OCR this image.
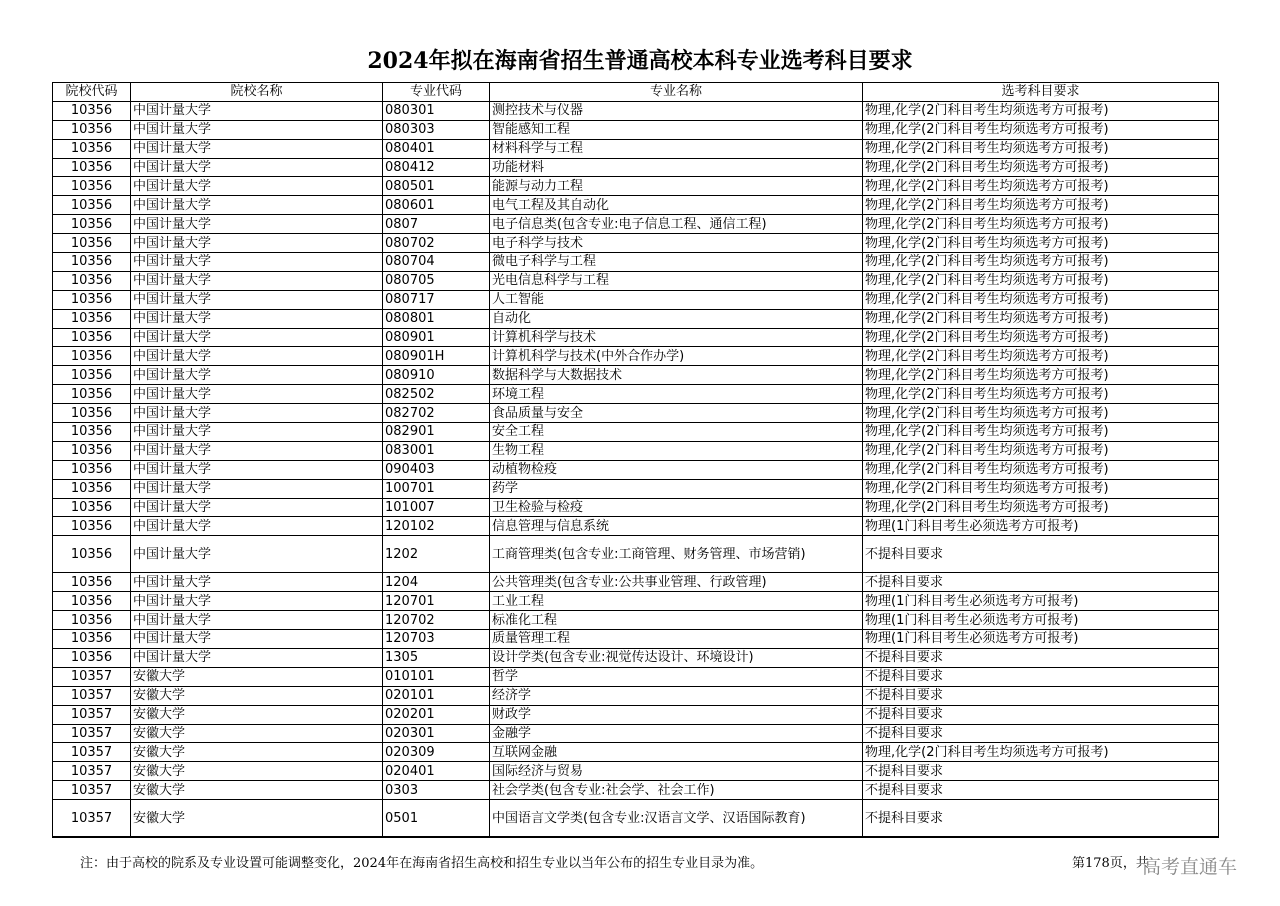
2024年拟在海南省招生普通高校本科专业选考科目要求
院校代码	院校名称	专业代码	专业名称	选考科目要求
10356	中国计量大学	080301	测控技术与仪器	物理,化学(2门科目考生均须选考方可报考)
10356	中国计量大学	080303	智能感知工程	物理,化学(2门科目考生均须选考方可报考)
10356	中国计量大学	080401	材料科学与工程	物理,化学(2门科目考生均须选考方可报考)
10356	中国计量大学	080412	功能材料	物理,化学(2门科目考生均须选考方可报考)
10356	中国计量大学	080501	能源与动力工程	物理,化学(2门科目考生均须选考方可报考)
10356	中国计量大学	080601	电气工程及其自动化	物理,化学(2门科目考生均须选考方可报考)
10356	中国计量大学	0807	电子信息类(包含专业:电子信息工程、通信工程)	物理,化学(2门科目考生均须选考方可报考)
10356	中国计量大学	080702	电子科学与技术	物理,化学(2门科目考生均须选考方可报考)
10356	中国计量大学	080704	微电子科学与工程	物理,化学(2门科目考生均须选考方可报考)
10356	中国计量大学	080705	光电信息科学与工程	物理,化学(2门科目考生均须选考方可报考)
10356	中国计量大学	080717	人工智能	物理,化学(2门科目考生均须选考方可报考)
10356	中国计量大学	080801	自动化	物理,化学(2门科目考生均须选考方可报考)
10356	中国计量大学	080901	计算机科学与技术	物理,化学(2门科目考生均须选考方可报考)
10356	中国计量大学	080901H	计算机科学与技术(中外合作办学)	物理,化学(2门科目考生均须选考方可报考)
10356	中国计量大学	080910	数据科学与大数据技术	物理,化学(2门科目考生均须选考方可报考)
10356	中国计量大学	082502	环境工程	物理,化学(2门科目考生均须选考方可报考)
10356	中国计量大学	082702	食品质量与安全	物理,化学(2门科目考生均须选考方可报考)
10356	中国计量大学	082901	安全工程	物理,化学(2门科目考生均须选考方可报考)
10356	中国计量大学	083001	生物工程	物理,化学(2门科目考生均须选考方可报考)
10356	中国计量大学	090403	动植物检疫	物理,化学(2门科目考生均须选考方可报考)
10356	中国计量大学	100701	药学	物理,化学(2门科目考生均须选考方可报考)
10356	中国计量大学	101007	卫生检验与检疫	物理,化学(2门科目考生均须选考方可报考)
10356	中国计量大学	120102	信息管理与信息系统	物理(1门科目考生必须选考方可报考)
10356	中国计量大学	1202	工商管理类(包含专业:工商管理、财务管理、市场营销)	不提科目要求
10356	中国计量大学	1204	公共管理类(包含专业:公共事业管理、行政管理)	不提科目要求
10356	中国计量大学	120701	工业工程	物理(1门科目考生必须选考方可报考)
10356	中国计量大学	120702	标准化工程	物理(1门科目考生必须选考方可报考)
10356	中国计量大学	120703	质量管理工程	物理(1门科目考生必须选考方可报考)
10356	中国计量大学	1305	设计学类(包含专业:视觉传达设计、环境设计)	不提科目要求
10357	安徽大学	010101	哲学	不提科目要求
10357	安徽大学	020101	经济学	不提科目要求
10357	安徽大学	020201	财政学	不提科目要求
10357	安徽大学	020301	金融学	不提科目要求
10357	安徽大学	020309	互联网金融	物理,化学(2门科目考生均须选考方可报考)
10357	安徽大学	020401	国际经济与贸易	不提科目要求
10357	安徽大学	0303	社会学类(包含专业:社会学、社会工作)	不提科目要求
10357	安徽大学	0501	中国语言文学类(包含专业:汉语言文学、汉语国际教育)	不提科目要求
注：由于高校的院系及专业设置可能调整变化，2024年在海南省招生高校和招生专业以当年公布的招生专业目录为准。	第178页，共
高考直通车
